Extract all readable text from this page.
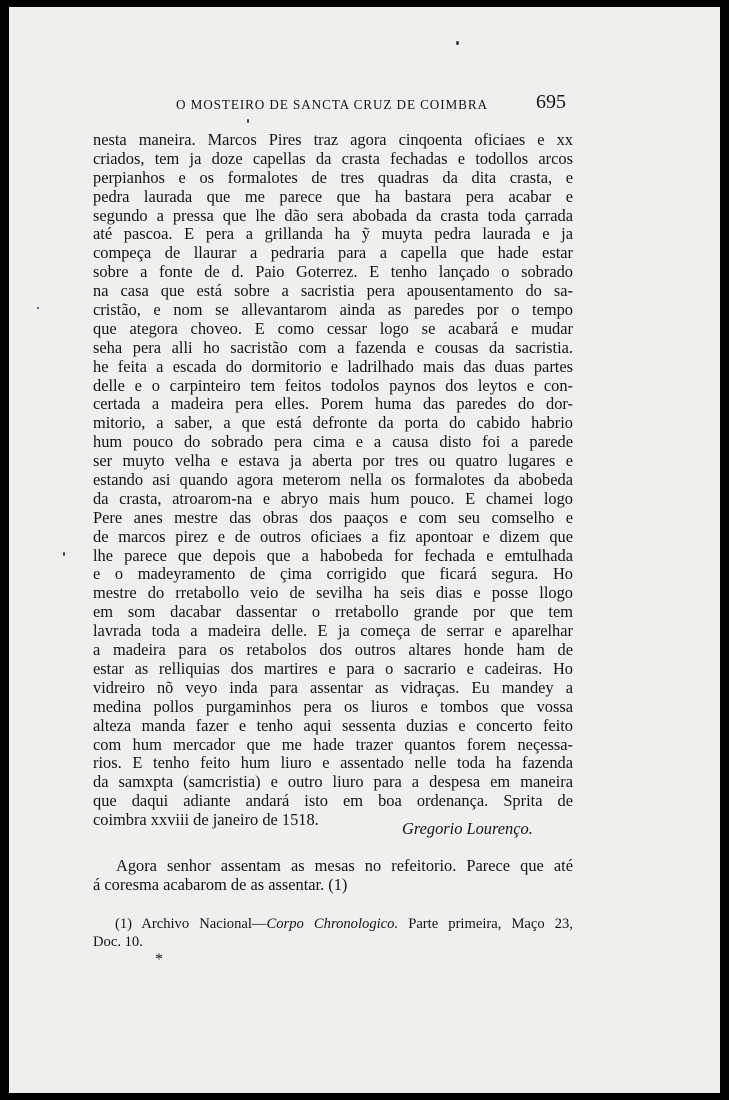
O MOSTEIRO DE SANCTA CRUZ DE COIMBRA 695
nesta maneira. Marcos Pires traz agora cinqoenta oficiaes e xx
criados, tem ja doze capellas da crasta fechadas e todollos arcos
perpianhos e os formalotes de tres quadras da dita crasta, e
pedra laurada que me parece que ha bastara pera acabar e
segundo a pressa que lhe dão sera abobada da crasta toda çarrada
até pascoa. E pera a grillanda ha ỹ muyta pedra laurada e ja
compeça de llaurar a pedraria para a capella que hade estar
sobre a fonte de d. Paio Goterrez. E tenho lançado o sobrado
na casa que está sobre a sacristia pera apousentamento do sa-
cristão, e nom se allevantarom ainda as paredes por o tempo
que ategora choveo. E como cessar logo se acabará e mudar
seha pera alli ho sacristão com a fazenda e cousas da sacristia.
he feita a escada do dormitorio e ladrilhado mais das duas partes
delle e o carpinteiro tem feitos todolos paynos dos leytos e con-
certada a madeira pera elles. Porem huma das paredes do dor-
mitorio, a saber, a que está defronte da porta do cabido habrio
hum pouco do sobrado pera cima e a causa disto foi a parede
ser muyto velha e estava ja aberta por tres ou quatro lugares e
estando asi quando agora meterom nella os formalotes da abobeda
da crasta, atroarom-na e abryo mais hum pouco. E chamei logo
Pere anes mestre das obras dos paaços e com seu comselho e
de marcos pirez e de outros oficiaes a fiz apontoar e dizem que
lhe parece que depois que a habobeda for fechada e emtulhada
e o madeyramento de çima corrigido que ficará segura. Ho
mestre do rretabollo veio de sevilha ha seis dias e posse llogo
em som dacabar dassentar o rretabollo grande por que tem
lavrada toda a madeira delle. E ja começa de serrar e aparelhar
a madeira para os retabolos dos outros altares honde ham de
estar as relliquias dos martires e para o sacrario e cadeiras. Ho
vidreiro nõ veyo inda para assentar as vidraças. Eu mandey a
medina pollos purgaminhos pera os liuros e tombos que vossa
alteza manda fazer e tenho aqui sessenta duzias e concerto feito
com hum mercador que me hade trazer quantos forem neçessa-
rios. E tenho feito hum liuro e assentado nelle toda ha fazenda
da samxpta (samcristia) e outro liuro para a despesa em maneira
que daqui adiante andará isto em boa ordenança. Sprita de
coimbra xxviii de janeiro de 1518.	Gregorio Lourenço.
Agora senhor assentam as mesas no refeitorio. Parece que até
á coresma acabarom de as assentar. (1)
(1) Archivo Nacional—Corpo Chronologico. Parte primeira, Maço 23,
Doc. 10.
*
